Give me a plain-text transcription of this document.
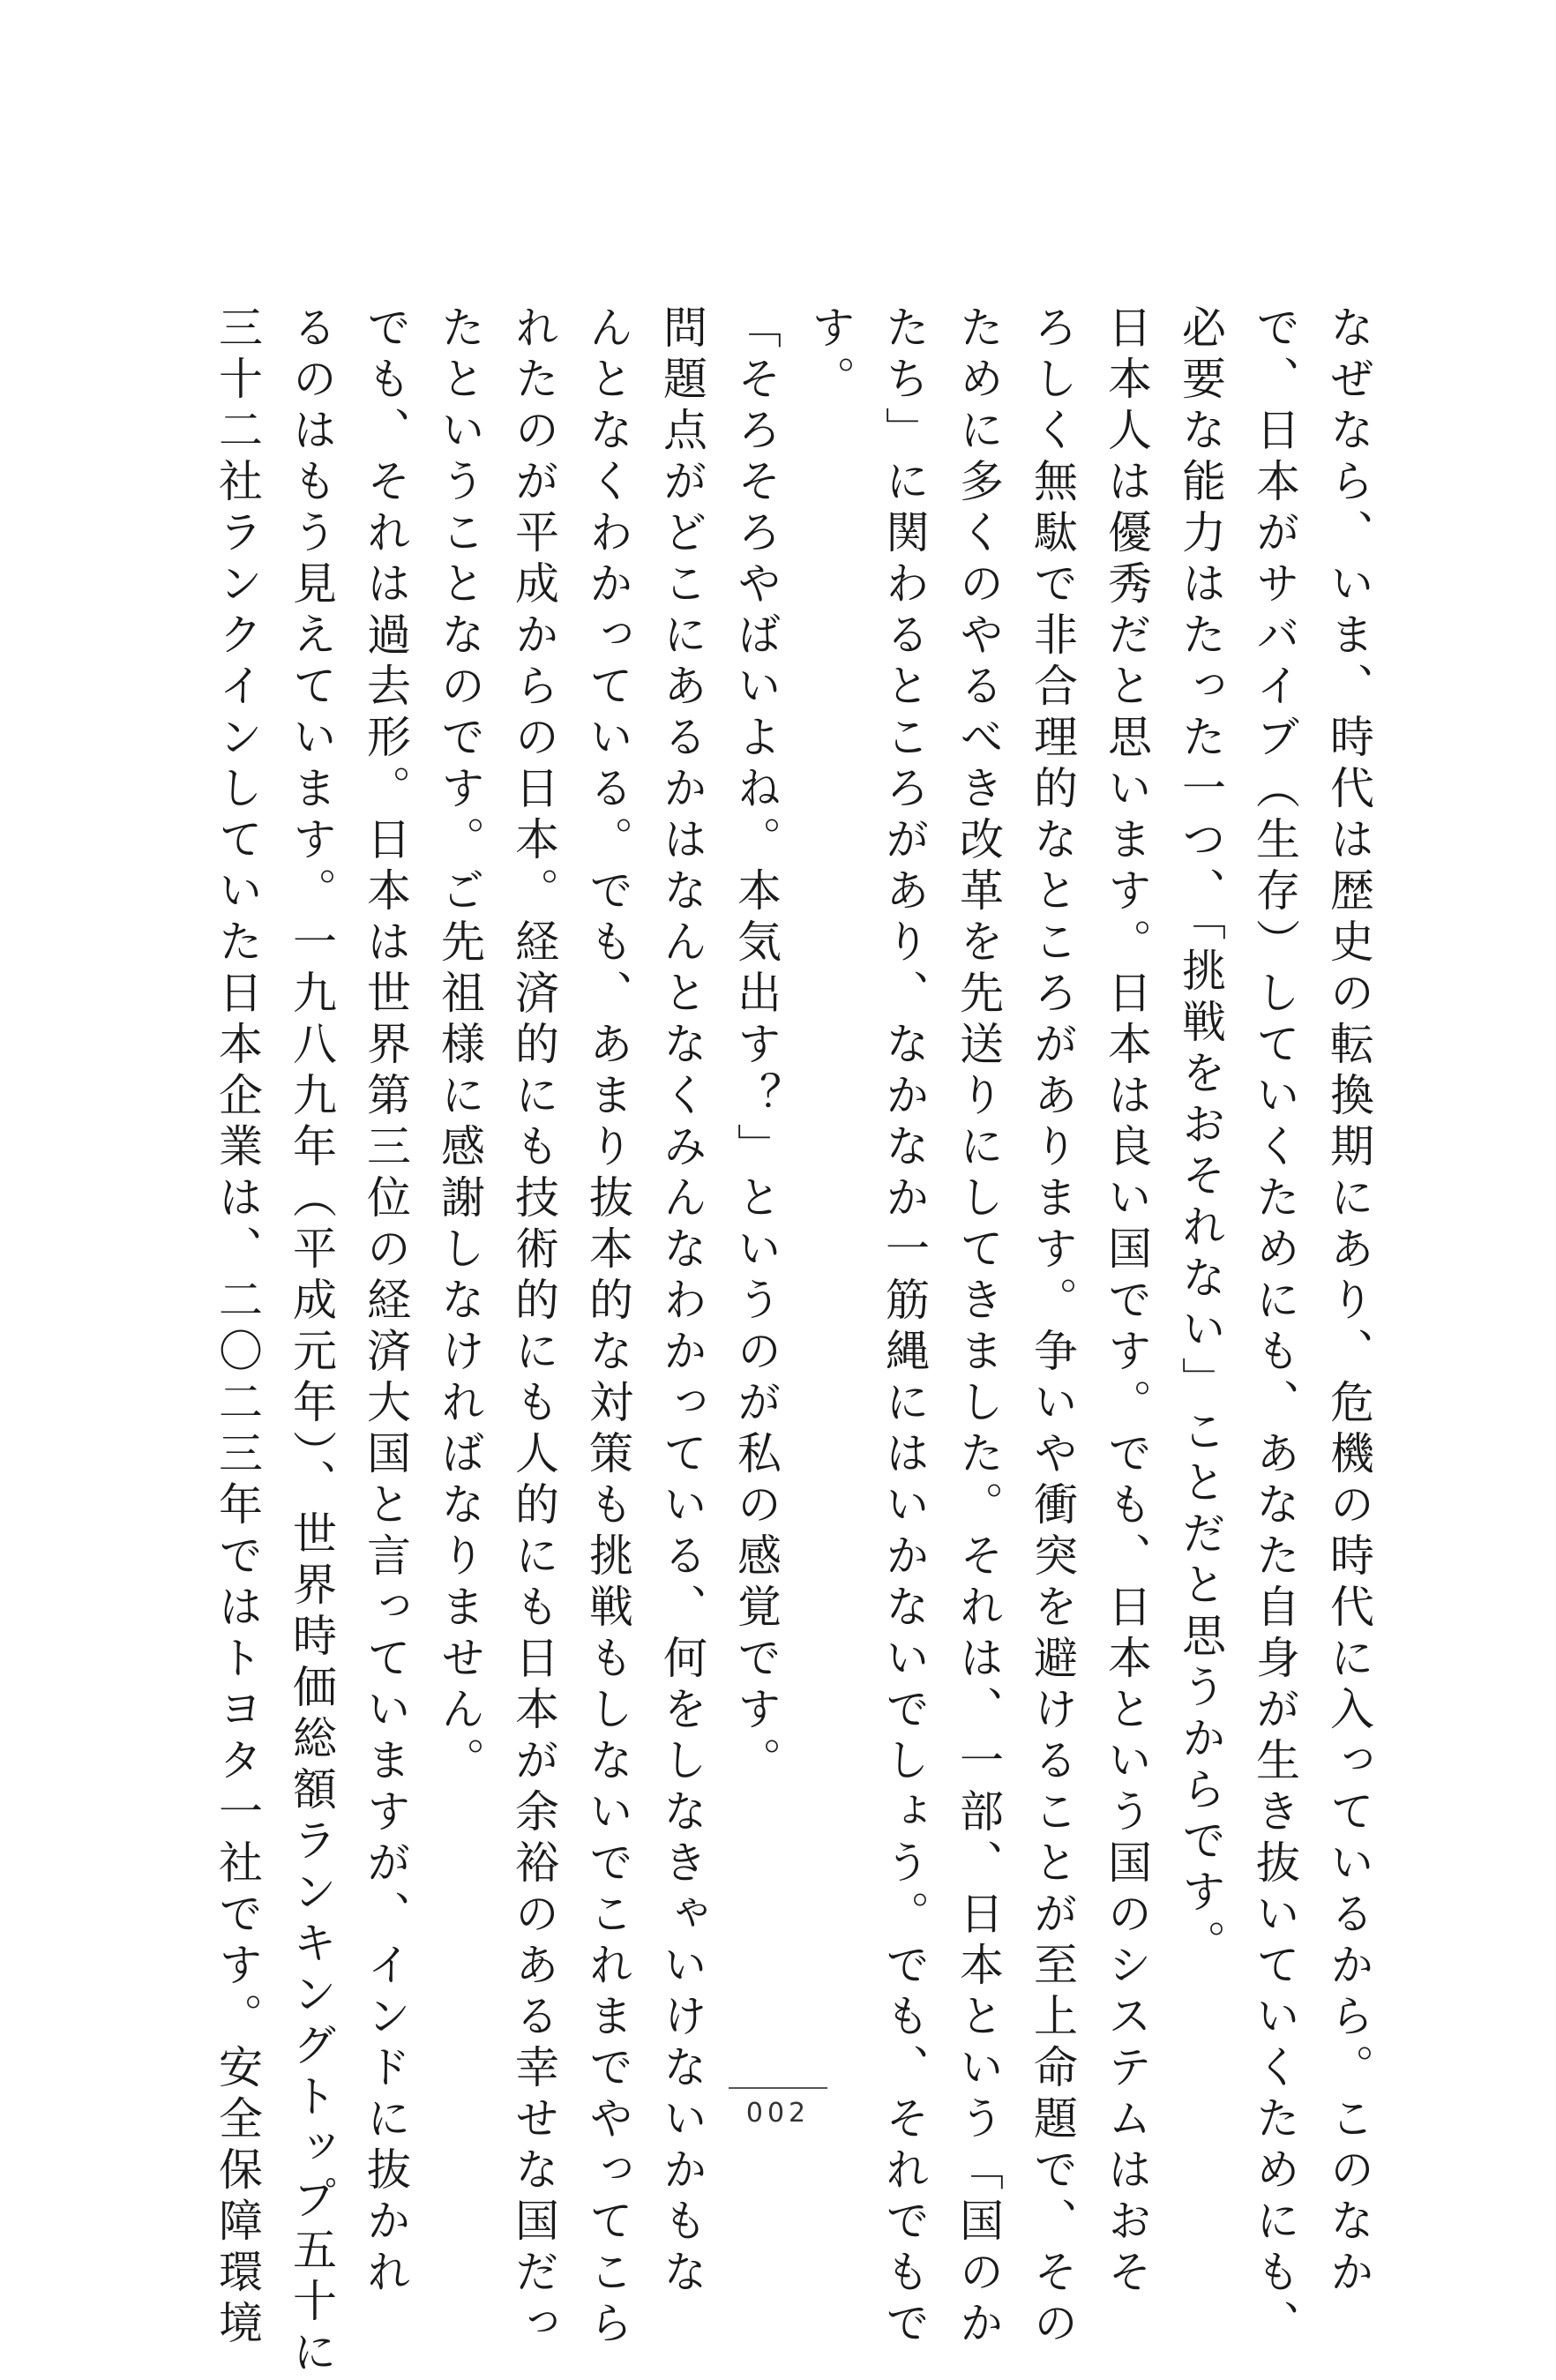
なぜなら、いま、時代は歴史の転換期にあり、危機の時代に入っているから。このなか
で、日本がサバイブ（生存）していくためにも、あなた自身が生き抜いていくためにも、
必要な能力はたった一つ、「挑戦をおそれない」ことだと思うからです。
日本人は優秀だと思います。日本は良い国です。でも、日本という国のシステムはおそ
ろしく無駄で非合理的なところがあります。争いや衝突を避けることが至上命題で、その
ために多くのやるべき改革を先送りにしてきました。それは、一部、日本という「国のか
たち」に関わるところがあり、なかなか一筋縄にはいかないでしょう。でも、それでもで
す。
「そろそろやばいよね。本気出す？」というのが私の感覚です。
問題点がどこにあるかはなんとなくみんなわかっている、何をしなきゃいけないかもな
んとなくわかっている。でも、あまり抜本的な対策も挑戦もしないでこれまでやってこら
れたのが平成からの日本。経済的にも技術的にも人的にも日本が余裕のある幸せな国だっ
たということなのです。ご先祖様に感謝しなければなりません。
でも、それは過去形。日本は世界第三位の経済大国と言っていますが、インドに抜かれ
るのはもう見えています。一九八九年（平成元年）、世界時価総額ランキングトップ五十に
三十二社ランクインしていた日本企業は、二〇二三年ではトヨタ一社です。安全保障環境	002
